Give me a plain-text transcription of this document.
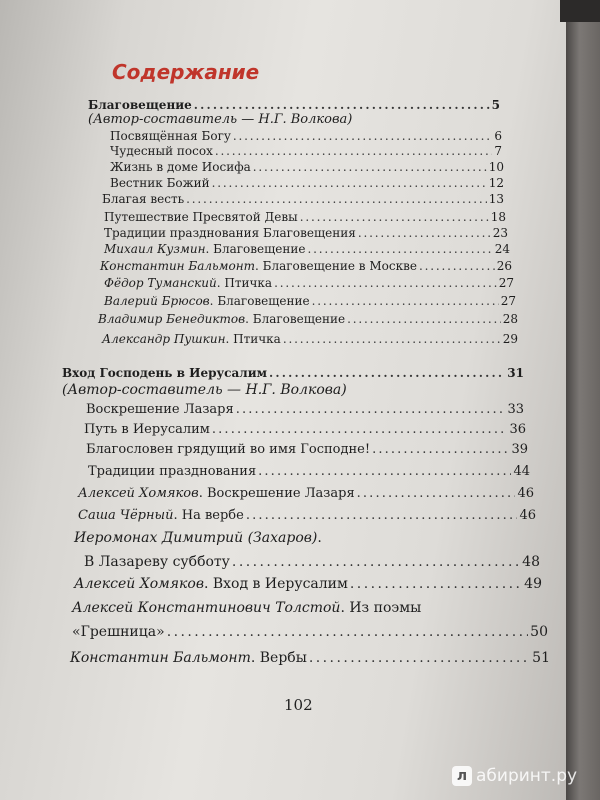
Содержание
Благовещение . . .	5
(Автор-составитель — Н.Г. Волкова)
Посвящённая Богу . . .	6
Чудесный посох . . .	7
Жизнь в доме Иосифа . . .	10
Вестник Божий . . .	12
Благая весть . . .	13
Путешествие Пресвятой Девы . . .	18
Традиции празднования Благовещения . . .	23
Михаил Кузмин. Благовещение . . .	24
Константин Бальмонт. Благовещение в Москве . . .	26
Фёдор Туманский. Птичка . . .	27
Валерий Брюсов. Благовещение . . .	27
Владимир Бенедиктов. Благовещение . . .	28
Александр Пушкин. Птичка . . .	29
Вход Господень в Иерусалим . . .	31
(Автор-составитель — Н.Г. Волкова)
Воскрешение Лазаря . . .	33
Путь в Иерусалим . . .	36
Благословен грядущий во имя Господне! . . .	39
Традиции празднования . . .	44
Алексей Хомяков. Воскрешение Лазаря . . .	46
Саша Чёрный. На вербе . . .	46
Иеромонах Димитрий (Захаров) .
В Лазареву субботу . . .	48
Алексей Хомяков. Вход в Иерусалим . . .	49
Алексей Константинович Толстой . Из поэмы
«Грешница» . . .	50
Константин Бальмонт. Вербы . . .	51

102

л абиринт.ру
